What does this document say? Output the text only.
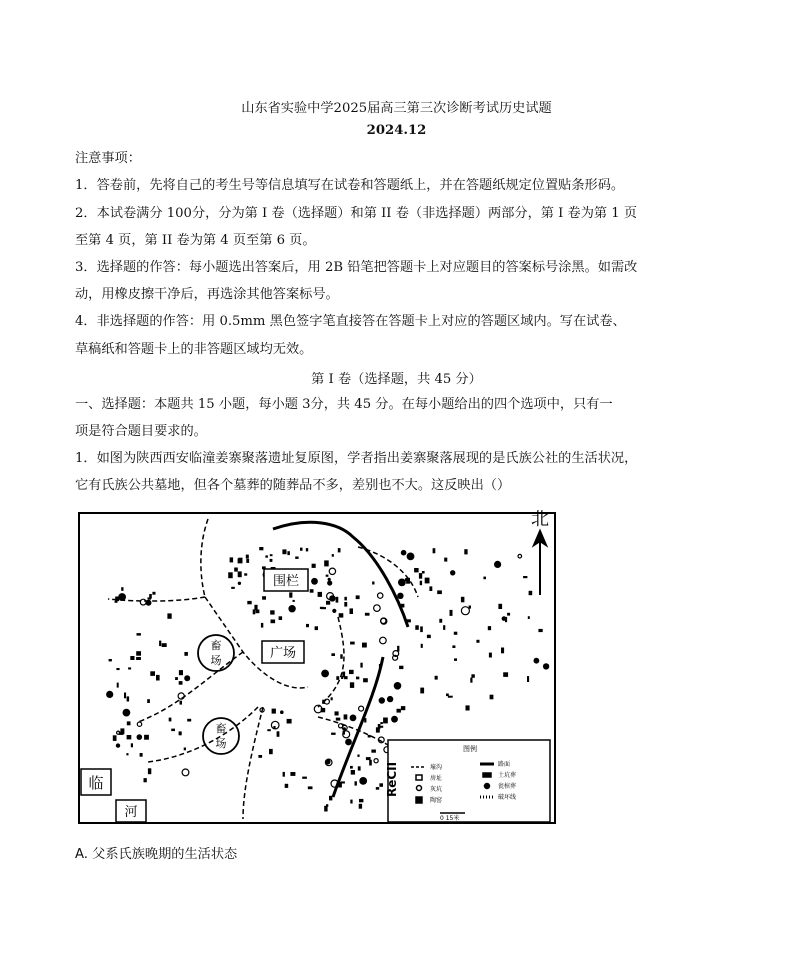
山东省实验中学2025届高三第三次诊断考试历史试题
2024.12
注意事项：
1．答卷前，先将自己的考生号等信息填写在试卷和答题纸上，并在答题纸规定位置贴条形码。
2．本试卷满分 100分，分为第 I 卷（选择题）和第 II 卷（非选择题）两部分，第 I 卷为第 1 页
至第 4 页，第 II 卷为第 4 页至第 6 页。
3．选择题的作答：每小题选出答案后，用 2B 铅笔把答题卡上对应题目的答案标号涂黑。如需改
动，用橡皮擦干净后，再选涂其他答案标号。
4．非选择题的作答：用 0.5mm 黑色签字笔直接答在答题卡上对应的答题区域内。写在试卷、
草稿纸和答题卡上的非答题区域均无效。
第 I 卷（选择题，共 45 分）
一、选择题：本题共 15 小题，每小题 3分，共 45 分。在每小题给出的四个选项中，只有一
项是符合题目要求的。
1．如图为陕西西安临潼姜寨聚落遗址复原图，学者指出姜寨聚落展现的是氏族公社的生活状况，
它有氏族公共墓地，但各个墓葬的随葬品不多，差别也不大。这反映出（）
围栏
畜
场
畜
场
广场
临
河
图例
壕沟
房址
灰坑
陶窑
路面
土坑葬
瓮棺葬
破坏线
0 15米
ReCII
北
A. 父系氏族晚期的生活状态
